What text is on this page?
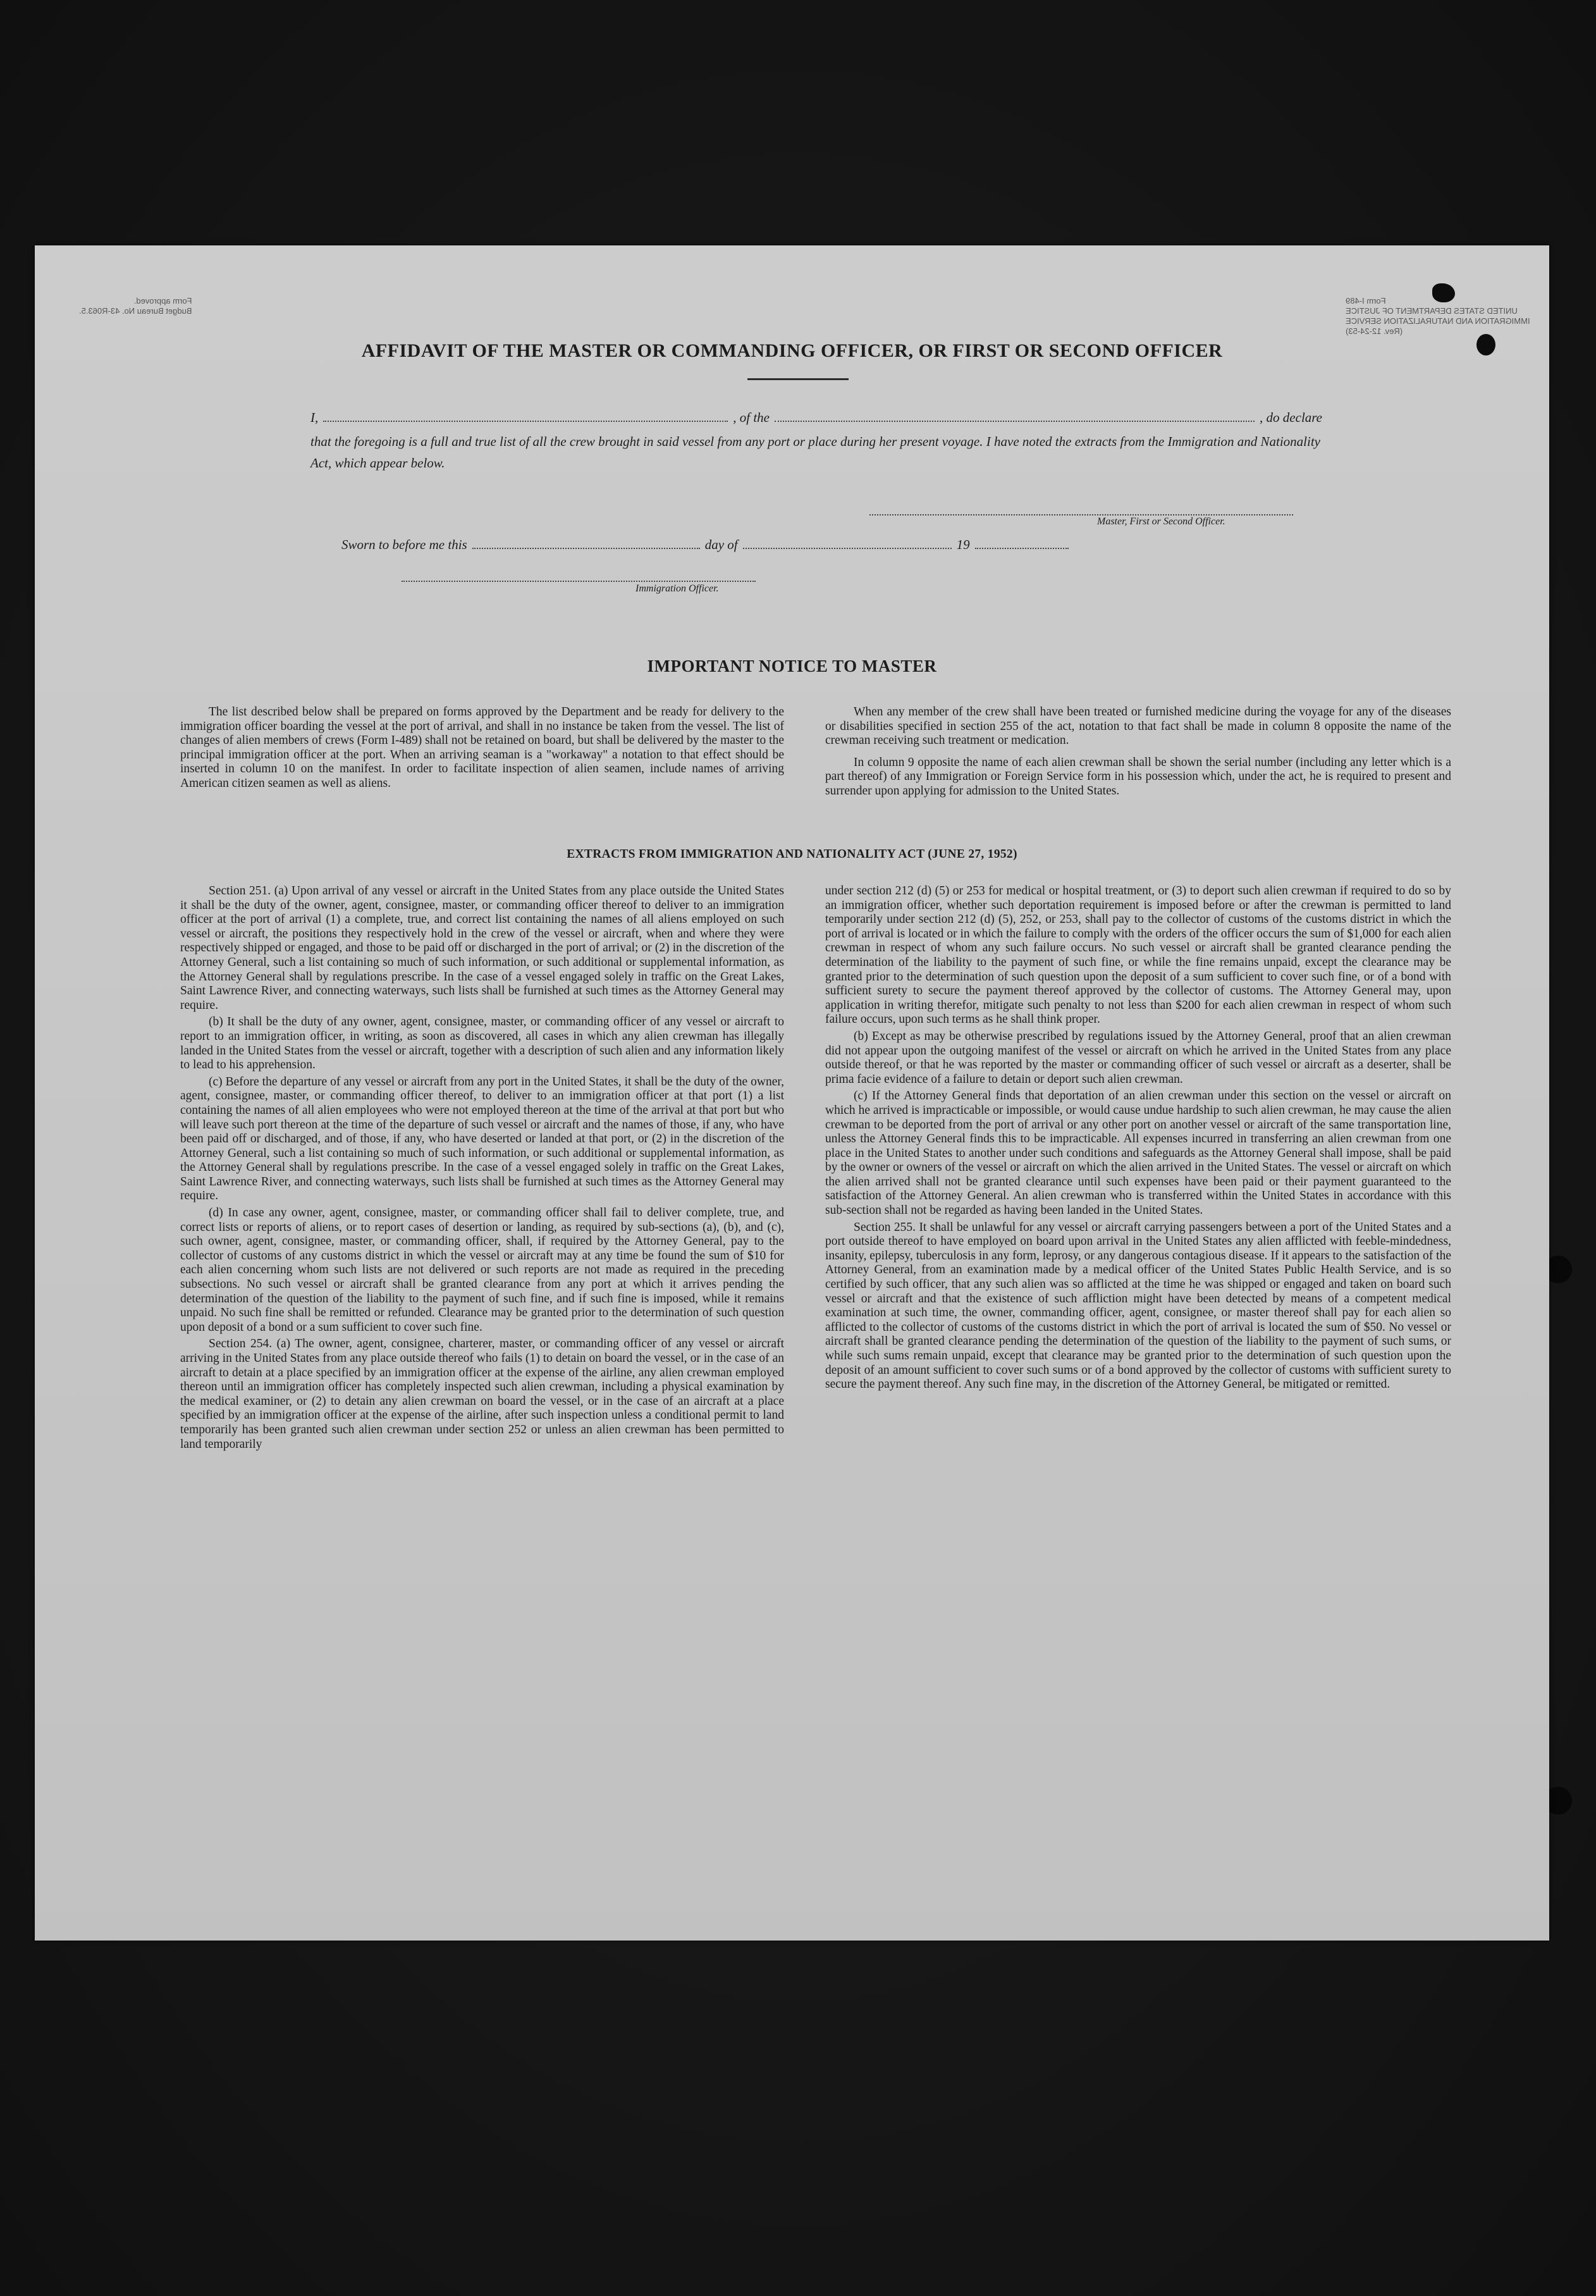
Form approved.
Budget Bureau No. 43-R063.5.
Form I-489
UNITED STATES DEPARTMENT OF JUSTICE
IMMIGRATION AND NATURALIZATION SERVICE
(Rev. 12-24-53)
AFFIDAVIT OF THE MASTER OR COMMANDING OFFICER, OR FIRST OR SECOND OFFICER
I,	, of the	, do declare
that the foregoing is a full and true list of all the crew brought in said vessel from any port or place during her present voyage. I have noted the extracts from the Immigration and Nationality Act, which appear below.
Master, First or Second Officer.
Sworn to before me this	day of	19
Immigration Officer.
IMPORTANT NOTICE TO MASTER

The list described below shall be prepared on forms approved by the Department and be ready for delivery to the immigration officer boarding the vessel at the port of arrival, and shall in no instance be taken from the vessel. The list of changes of alien members of crews (Form I-489) shall not be retained on board, but shall be delivered by the master to the principal immigration officer at the port. When an arriving seaman is a "workaway" a notation to that effect should be inserted in column 10 on the manifest. In order to facilitate inspection of alien seamen, include names of arriving American citizen seamen as well as aliens.

When any member of the crew shall have been treated or furnished medicine during the voyage for any of the diseases or disabilities specified in section 255 of the act, notation to that fact shall be made in column 8 opposite the name of the crewman receiving such treatment or medication.

In column 9 opposite the name of each alien crewman shall be shown the serial number (including any letter which is a part thereof) of any Immigration or Foreign Service form in his possession which, under the act, he is required to present and surrender upon applying for admission to the United States.

EXTRACTS FROM IMMIGRATION AND NATIONALITY ACT (JUNE 27, 1952)

Section 251. (a) Upon arrival of any vessel or aircraft in the United States from any place outside the United States it shall be the duty of the owner, agent, consignee, master, or commanding officer thereof to deliver to an immigration officer at the port of arrival (1) a complete, true, and correct list containing the names of all aliens employed on such vessel or aircraft, the positions they respectively hold in the crew of the vessel or aircraft, when and where they were respectively shipped or engaged, and those to be paid off or discharged in the port of arrival; or (2) in the discretion of the Attorney General, such a list containing so much of such information, or such additional or supplemental information, as the Attorney General shall by regulations prescribe. In the case of a vessel engaged solely in traffic on the Great Lakes, Saint Lawrence River, and connecting waterways, such lists shall be furnished at such times as the Attorney General may require.

(b) It shall be the duty of any owner, agent, consignee, master, or commanding officer of any vessel or aircraft to report to an immigration officer, in writing, as soon as discovered, all cases in which any alien crewman has illegally landed in the United States from the vessel or aircraft, together with a description of such alien and any information likely to lead to his apprehension.

(c) Before the departure of any vessel or aircraft from any port in the United States, it shall be the duty of the owner, agent, consignee, master, or commanding officer thereof, to deliver to an immigration officer at that port (1) a list containing the names of all alien employees who were not employed thereon at the time of the arrival at that port but who will leave such port thereon at the time of the departure of such vessel or aircraft and the names of those, if any, who have been paid off or discharged, and of those, if any, who have deserted or landed at that port, or (2) in the discretion of the Attorney General, such a list containing so much of such information, or such additional or supplemental information, as the Attorney General shall by regulations prescribe. In the case of a vessel engaged solely in traffic on the Great Lakes, Saint Lawrence River, and connecting waterways, such lists shall be furnished at such times as the Attorney General may require.

(d) In case any owner, agent, consignee, master, or commanding officer shall fail to deliver complete, true, and correct lists or reports of aliens, or to report cases of desertion or landing, as required by sub-sections (a), (b), and (c), such owner, agent, consignee, master, or commanding officer, shall, if required by the Attorney General, pay to the collector of customs of any customs district in which the vessel or aircraft may at any time be found the sum of $10 for each alien concerning whom such lists are not delivered or such reports are not made as required in the preceding subsections. No such vessel or aircraft shall be granted clearance from any port at which it arrives pending the determination of the question of the liability to the payment of such fine, and if such fine is imposed, while it remains unpaid. No such fine shall be remitted or refunded. Clearance may be granted prior to the determination of such question upon deposit of a bond or a sum sufficient to cover such fine.

Section 254. (a) The owner, agent, consignee, charterer, master, or commanding officer of any vessel or aircraft arriving in the United States from any place outside thereof who fails (1) to detain on board the vessel, or in the case of an aircraft to detain at a place specified by an immigration officer at the expense of the airline, any alien crewman employed thereon until an immigration officer has completely inspected such alien crewman, including a physical examination by the medical examiner, or (2) to detain any alien crewman on board the vessel, or in the case of an aircraft at a place specified by an immigration officer at the expense of the airline, after such inspection unless a conditional permit to land temporarily has been granted such alien crewman under section 252 or unless an alien crewman has been permitted to land temporarily

under section 212 (d) (5) or 253 for medical or hospital treatment, or (3) to deport such alien crewman if required to do so by an immigration officer, whether such deportation requirement is imposed before or after the crewman is permitted to land temporarily under section 212 (d) (5), 252, or 253, shall pay to the collector of customs of the customs district in which the port of arrival is located or in which the failure to comply with the orders of the officer occurs the sum of $1,000 for each alien crewman in respect of whom any such failure occurs. No such vessel or aircraft shall be granted clearance pending the determination of the liability to the payment of such fine, or while the fine remains unpaid, except the clearance may be granted prior to the determination of such question upon the deposit of a sum sufficient to cover such fine, or of a bond with sufficient surety to secure the payment thereof approved by the collector of customs. The Attorney General may, upon application in writing therefor, mitigate such penalty to not less than $200 for each alien crewman in respect of whom such failure occurs, upon such terms as he shall think proper.

(b) Except as may be otherwise prescribed by regulations issued by the Attorney General, proof that an alien crewman did not appear upon the outgoing manifest of the vessel or aircraft on which he arrived in the United States from any place outside thereof, or that he was reported by the master or commanding officer of such vessel or aircraft as a deserter, shall be prima facie evidence of a failure to detain or deport such alien crewman.

(c) If the Attorney General finds that deportation of an alien crewman under this section on the vessel or aircraft on which he arrived is impracticable or impossible, or would cause undue hardship to such alien crewman, he may cause the alien crewman to be deported from the port of arrival or any other port on another vessel or aircraft of the same transportation line, unless the Attorney General finds this to be impracticable. All expenses incurred in transferring an alien crewman from one place in the United States to another under such conditions and safeguards as the Attorney General shall impose, shall be paid by the owner or owners of the vessel or aircraft on which the alien arrived in the United States. The vessel or aircraft on which the alien arrived shall not be granted clearance until such expenses have been paid or their payment guaranteed to the satisfaction of the Attorney General. An alien crewman who is transferred within the United States in accordance with this sub-section shall not be regarded as having been landed in the United States.

Section 255. It shall be unlawful for any vessel or aircraft carrying passengers between a port of the United States and a port outside thereof to have employed on board upon arrival in the United States any alien afflicted with feeble-mindedness, insanity, epilepsy, tuberculosis in any form, leprosy, or any dangerous contagious disease. If it appears to the satisfaction of the Attorney General, from an examination made by a medical officer of the United States Public Health Service, and is so certified by such officer, that any such alien was so afflicted at the time he was shipped or engaged and taken on board such vessel or aircraft and that the existence of such affliction might have been detected by means of a competent medical examination at such time, the owner, commanding officer, agent, consignee, or master thereof shall pay for each alien so afflicted to the collector of customs of the customs district in which the port of arrival is located the sum of $50. No vessel or aircraft shall be granted clearance pending the determination of the question of the liability to the payment of such sums, or while such sums remain unpaid, except that clearance may be granted prior to the determination of such question upon the deposit of an amount sufficient to cover such sums or of a bond approved by the collector of customs with sufficient surety to secure the payment thereof. Any such fine may, in the discretion of the Attorney General, be mitigated or remitted.
